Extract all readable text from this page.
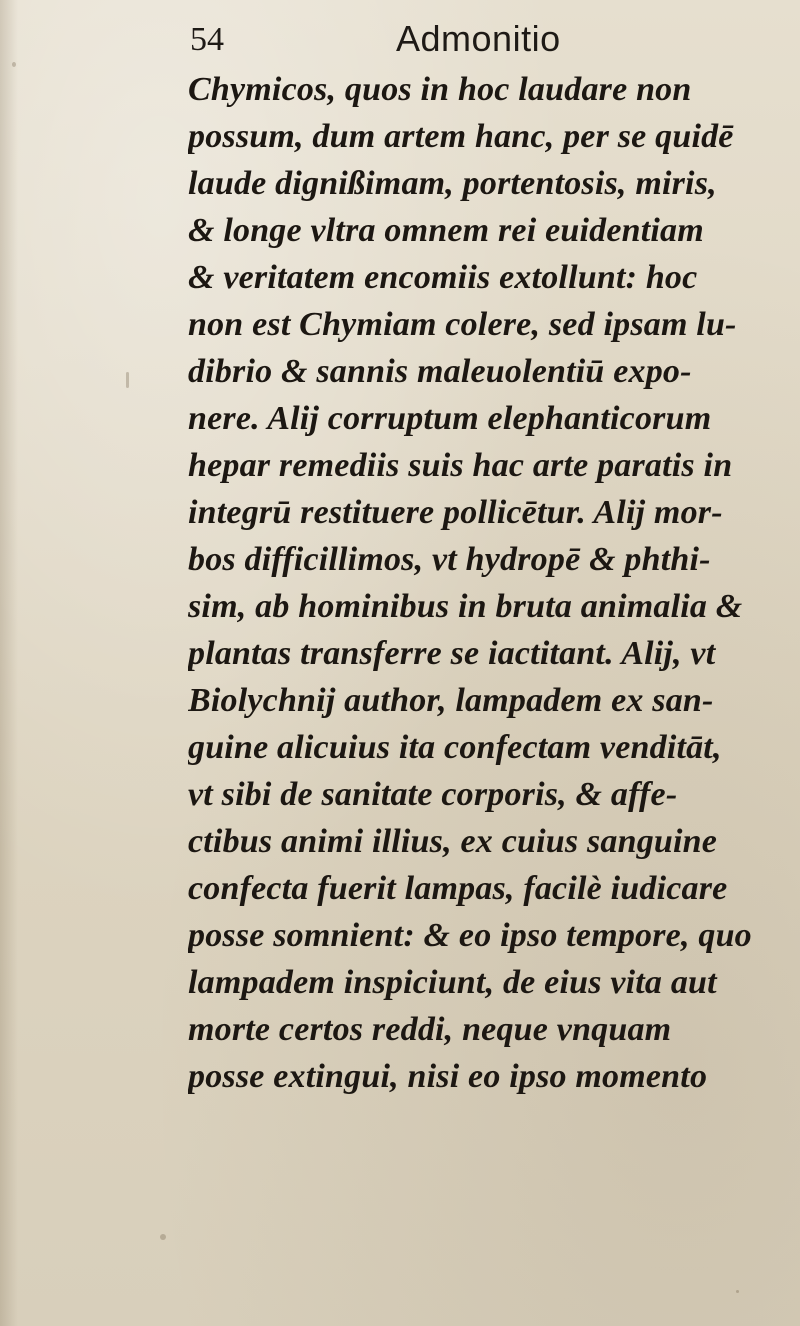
54	Admonitio
Chymicos, quos in hoc laudare non
possum, dum artem hanc, per se quidē
laude dignißimam, portentosis, miris,
& longe vltra omnem rei euidentiam
& veritatem encomiis extollunt: hoc
non est Chymiam colere, sed ipsam lu-
dibrio & sannis maleuolentiū expo-
nere. Alij corruptum elephanticorum
hepar remediis suis hac arte paratis in
integrū restituere pollicētur. Alij mor-
bos difficillimos, vt hydropē & phthi-
sim, ab hominibus in bruta animalia &
plantas transferre se iactitant. Alij, vt
Biolychnij author, lampadem ex san-
guine alicuius ita confectam venditāt,
vt sibi de sanitate corporis, & affe-
ctibus animi illius, ex cuius sanguine
confecta fuerit lampas, facilè iudicare
posse somnient: & eo ipso tempore, quo
lampadem inspiciunt, de eius vita aut
morte certos reddi, neque vnquam
posse extingui, nisi eo ipso momento
